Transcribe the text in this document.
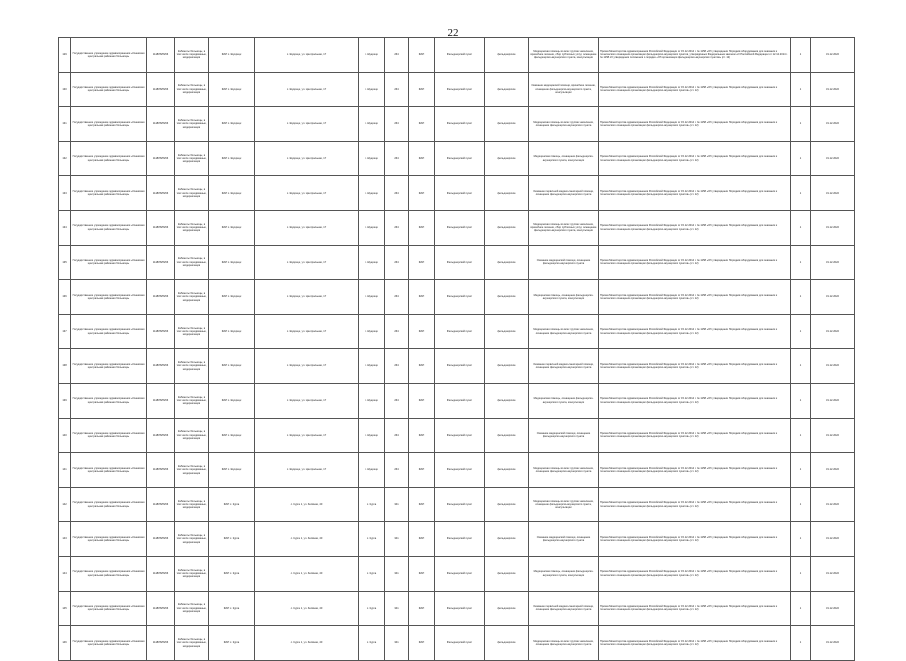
22
129	Государственное учреждение здравоохранения «Онежская центральная районная больница»	1118Л6Л6/66	Кабинеты больницы, в том числе передвижные, модернизация	ФАП с. Шуерецк	с. Шуерецк, ул. Центральная, 17	г. Шуерецк	264	ФАП	Фельдшерский пункт	фельдшерское	Медицинская помощь во всех группах населения, врачебное лечение, сбор публичных услуг, оснащение фельдшерско-акушерского пункта, консультации	Приказ Министерства здравоохранения Российской Федерации от 15.12.2014 г. № 1158 «Об утверждении Порядков оборудования для оказания и технического оснащения организации фельдшерско-акушерских пунктов, утверждённых Федеральным законом «О Российской Федерации от 12.12.2014 г. № 1158 об утверждении положения о порядке «Об организации фельдшерско-акушерских пунктов» (ст. 12)	1	31.12.2022
130	Государственное учреждение здравоохранения «Онежская центральная районная больница»	1118Л6Л6/66	Кабинеты больницы, в том числе передвижные, модернизация	ФАП с. Шуерецк	с. Шуерецк, ул. Центральная, 17	г. Шуерецк	264	ФАП	Фельдшерский пункт	фельдшерское	Оказание медицинской помощи, врачебное лечение, оснащение фельдшерско-акушерского пункта, консультации	Приказ Министерства здравоохранения Российской Федерации от 15.12.2014 г. № 1158 «Об утверждении Порядков оборудования для оказания и технического оснащения организации фельдшерско-акушерских пунктов» (ст. 12)	1	31.12.2022
131	Государственное учреждение здравоохранения «Онежская центральная районная больница»	1118Л6Л6/66	Кабинеты больницы, в том числе передвижные, модернизация	ФАП с. Шуерецк	с. Шуерецк, ул. Центральная, 17	г. Шуерецк	264	ФАП	Фельдшерский пункт	фельдшерское	Медицинская помощь во всех группах населения, оснащение фельдшерско-акушерского пункта	Приказ Министерства здравоохранения Российской Федерации от 15.12.2014 г. № 1158 «Об утверждении Порядков оборудования для оказания и технического оснащения организации фельдшерско-акушерских пунктов» (ст. 12)	1	31.12.2022
132	Государственное учреждение здравоохранения «Онежская центральная районная больница»	1118Л6Л6/66	Кабинеты больницы, в том числе передвижные, модернизация	ФАП с. Шуерецк	с. Шуерецк, ул. Центральная, 17	г. Шуерецк	264	ФАП	Фельдшерский пункт	фельдшерское	Медицинская помощь, оснащение фельдшерско-акушерского пункта, консультации	Приказ Министерства здравоохранения Российской Федерации от 15.12.2014 г. № 1158 «Об утверждении Порядков оборудования для оказания и технического оснащения организации фельдшерско-акушерских пунктов» (ст. 12)	1	31.12.2022
133	Государственное учреждение здравоохранения «Онежская центральная районная больница»	1118Л6Л6/66	Кабинеты больницы, в том числе передвижные, модернизация	ФАП с. Шуерецк	с. Шуерецк, ул. Центральная, 17	г. Шуерецк	264	ФАП	Фельдшерский пункт	фельдшерское	Оказание первичной медико-санитарной помощи, оснащение фельдшерско-акушерского пункта	Приказ Министерства здравоохранения Российской Федерации от 15.12.2014 г. № 1158 «Об утверждении Порядков оборудования для оказания и технического оснащения организации фельдшерско-акушерских пунктов» (ст. 12)	1	31.12.2022
134	Государственное учреждение здравоохранения «Онежская центральная районная больница»	1118Л6Л6/66	Кабинеты больницы, в том числе передвижные, модернизация	ФАП с. Шуерецк	с. Шуерецк, ул. Центральная, 17	г. Шуерецк	264	ФАП	Фельдшерский пункт	фельдшерское	Медицинская помощь во всех группах населения, врачебное лечение, сбор публичных услуг, оснащение фельдшерско-акушерского пункта, консультации	Приказ Министерства здравоохранения Российской Федерации от 15.12.2014 г. № 1158 «Об утверждении Порядков оборудования для оказания и технического оснащения организации фельдшерско-акушерских пунктов» (ст. 12)	1	31.12.2022
135	Государственное учреждение здравоохранения «Онежская центральная районная больница»	1118Л6Л6/66	Кабинеты больницы, в том числе передвижные, модернизация	ФАП с. Шуерецк	с. Шуерецк, ул. Центральная, 17	г. Шуерецк	264	ФАП	Фельдшерский пункт	фельдшерское	Оказание медицинской помощи, оснащение фельдшерско-акушерского пункта	Приказ Министерства здравоохранения Российской Федерации от 15.12.2014 г. № 1158 «Об утверждении Порядков оборудования для оказания и технического оснащения организации фельдшерско-акушерских пунктов» (ст. 12)	1	31.12.2022
136	Государственное учреждение здравоохранения «Онежская центральная районная больница»	1118Л6Л6/66	Кабинеты больницы, в том числе передвижные, модернизация	ФАП с. Шуерецк	с. Шуерецк, ул. Центральная, 17	г. Шуерецк	264	ФАП	Фельдшерский пункт	фельдшерское	Медицинская помощь, оснащение фельдшерско-акушерского пункта, консультации	Приказ Министерства здравоохранения Российской Федерации от 15.12.2014 г. № 1158 «Об утверждении Порядков оборудования для оказания и технического оснащения организации фельдшерско-акушерских пунктов» (ст. 12)	1	31.12.2022
137	Государственное учреждение здравоохранения «Онежская центральная районная больница»	1118Л6Л6/66	Кабинеты больницы, в том числе передвижные, модернизация	ФАП с. Шуерецк	с. Шуерецк, ул. Центральная, 17	г. Шуерецк	264	ФАП	Фельдшерский пункт	фельдшерское	Медицинская помощь во всех группах населения, оснащение фельдшерско-акушерского пункта	Приказ Министерства здравоохранения Российской Федерации от 15.12.2014 г. № 1158 «Об утверждении Порядков оборудования для оказания и технического оснащения организации фельдшерско-акушерских пунктов» (ст. 12)	1	31.12.2022
138	Государственное учреждение здравоохранения «Онежская центральная районная больница»	1118Л6Л6/66	Кабинеты больницы, в том числе передвижные, модернизация	ФАП с. Шуерецк	с. Шуерецк, ул. Центральная, 17	г. Шуерецк	264	ФАП	Фельдшерский пункт	фельдшерское	Оказание первичной медико-санитарной помощи, оснащение фельдшерско-акушерского пункта	Приказ Министерства здравоохранения Российской Федерации от 15.12.2014 г. № 1158 «Об утверждении Порядков оборудования для оказания и технического оснащения организации фельдшерско-акушерских пунктов» (ст. 12)	1	31.12.2022
139	Государственное учреждение здравоохранения «Онежская центральная районная больница»	1118Л6Л6/66	Кабинеты больницы, в том числе передвижные, модернизация	ФАП с. Шуерецк	с. Шуерецк, ул. Центральная, 17	г. Шуерецк	264	ФАП	Фельдшерский пункт	фельдшерское	Медицинская помощь, оснащение фельдшерско-акушерского пункта, консультации	Приказ Министерства здравоохранения Российской Федерации от 15.12.2014 г. № 1158 «Об утверждении Порядков оборудования для оказания и технического оснащения организации фельдшерско-акушерских пунктов» (ст. 12)	1	31.12.2022
140	Государственное учреждение здравоохранения «Онежская центральная районная больница»	1118Л6Л6/66	Кабинеты больницы, в том числе передвижные, модернизация	ФАП с. Шуерецк	с. Шуерецк, ул. Центральная, 17	г. Шуерецк	264	ФАП	Фельдшерский пункт	фельдшерское	Оказание медицинской помощи, оснащение фельдшерско-акушерского пункта	Приказ Министерства здравоохранения Российской Федерации от 15.12.2014 г. № 1158 «Об утверждении Порядков оборудования для оказания и технического оснащения организации фельдшерско-акушерских пунктов» (ст. 12)	1	31.12.2022
141	Государственное учреждение здравоохранения «Онежская центральная районная больница»	1118Л6Л6/66	Кабинеты больницы, в том числе передвижные, модернизация	ФАП с. Шуерецк	с. Шуерецк, ул. Центральная, 17	г. Шуерецк	264	ФАП	Фельдшерский пункт	фельдшерское	Медицинская помощь во всех группах населения, оснащение фельдшерско-акушерского пункта	Приказ Министерства здравоохранения Российской Федерации от 15.12.2014 г. № 1158 «Об утверждении Порядков оборудования для оказания и технического оснащения организации фельдшерско-акушерских пунктов» (ст. 12)	1	31.12.2022
142	Государственное учреждение здравоохранения «Онежская центральная районная больница»	1118Л6Л6/66	Кабинеты больницы, в том числе передвижные, модернизация	ФАП с. Курга	с. Курга 1, ул. Зелёная, 40	с. Курга	341	ФАП	Фельдшерский пункт	фельдшерское	Медицинская помощь во всех группах населения, оснащение фельдшерско-акушерского пункта, консультации	Приказ Министерства здравоохранения Российской Федерации от 15.12.2014 г. № 1158 «Об утверждении Порядков оборудования для оказания и технического оснащения организации фельдшерско-акушерских пунктов» (ст. 12)	1	31.12.2022
143	Государственное учреждение здравоохранения «Онежская центральная районная больница»	1118Л6Л6/66	Кабинеты больницы, в том числе передвижные, модернизация	ФАП с. Курга	с. Курга 1, ул. Зелёная, 40	с. Курга	341	ФАП	Фельдшерский пункт	фельдшерское	Оказание медицинской помощи, оснащение фельдшерско-акушерского пункта	Приказ Министерства здравоохранения Российской Федерации от 15.12.2014 г. № 1158 «Об утверждении Порядков оборудования для оказания и технического оснащения организации фельдшерско-акушерских пунктов» (ст. 12)	1	31.12.2022
144	Государственное учреждение здравоохранения «Онежская центральная районная больница»	1118Л6Л6/66	Кабинеты больницы, в том числе передвижные, модернизация	ФАП с. Курга	с. Курга 1, ул. Зелёная, 40	с. Курга	341	ФАП	Фельдшерский пункт	фельдшерское	Медицинская помощь, оснащение фельдшерско-акушерского пункта, консультации	Приказ Министерства здравоохранения Российской Федерации от 15.12.2014 г. № 1158 «Об утверждении Порядков оборудования для оказания и технического оснащения организации фельдшерско-акушерских пунктов» (ст. 12)	1	31.12.2022
145	Государственное учреждение здравоохранения «Онежская центральная районная больница»	1118Л6Л6/66	Кабинеты больницы, в том числе передвижные, модернизация	ФАП с. Курга	с. Курга 1, ул. Зелёная, 40	с. Курга	341	ФАП	Фельдшерский пункт	фельдшерское	Оказание первичной медико-санитарной помощи, оснащение фельдшерско-акушерского пункта	Приказ Министерства здравоохранения Российской Федерации от 15.12.2014 г. № 1158 «Об утверждении Порядков оборудования для оказания и технического оснащения организации фельдшерско-акушерских пунктов» (ст. 12)	1	31.12.2022
146	Государственное учреждение здравоохранения «Онежская центральная районная больница»	1118Л6Л6/66	Кабинеты больницы, в том числе передвижные, модернизация	ФАП с. Курга	с. Курга 1, ул. Зелёная, 40	с. Курга	341	ФАП	Фельдшерский пункт	фельдшерское	Медицинская помощь во всех группах населения, оснащение фельдшерско-акушерского пункта	Приказ Министерства здравоохранения Российской Федерации от 15.12.2014 г. № 1158 «Об утверждении Порядков оборудования для оказания и технического оснащения организации фельдшерско-акушерских пунктов» (ст. 12)	1	31.12.2022
